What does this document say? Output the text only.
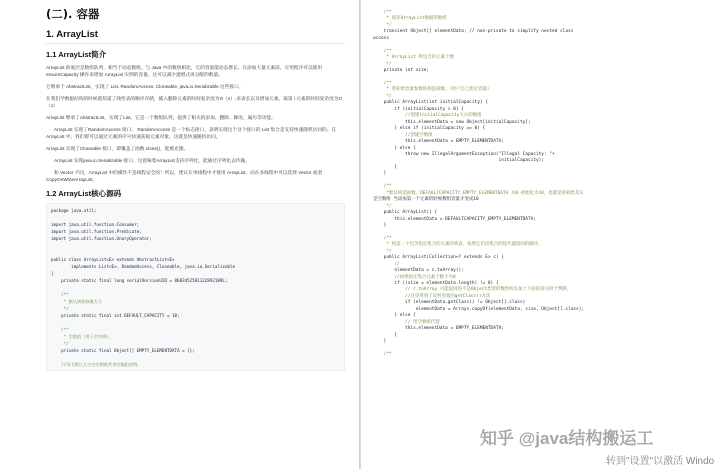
(二). 容器
1. ArrayList
1.1 ArrayList简介

ArrayList 的底层是数组队列，相当于动态数组。与 Java 中的数组相比，它的容量能动态增长。在添加大量元素前，应用程序可以使用 ensureCapacity 操作来增加 ArrayList 实例的容量。这可以减少递增式再分配的数量。

它继承于 AbstractList，实现了 List, RandomAccess, Cloneable, java.io.Serializable 这些接口。

在我们学数据结构的时候就知道了线性表的顺序存储，插入删除元素的时间复杂度为O（n）,求表长以及增加元素，取第 i 元素的时间复杂度为O（1）

ArrayList 继承了AbstractList，实现了List。它是一个数组队列，提供了相关的添加、删除、修改、遍历等功能。

ArrayList 实现了RandomAccess 接口， RandomAccess 是一个标志接口，表明实现这个这个接口的 List 集合是支持快速随机访问的。在 ArrayList 中，我们即可以通过元素的序号快速获取元素对象，这就是快速随机访问。

ArrayList 实现了Cloneable 接口，即覆盖了函数 clone()，能被克隆。

ArrayList 实现java.io.Serializable 接口，这意味着ArrayList支持序列化，能通过序列化去传输。

和 Vector 不同，ArrayList 中的操作不是线程安全的！所以，建议在单线程中才使用 ArrayList，而在多线程中可以选择 Vector 或者 CopyOnWriteArrayList。

1.2 ArrayList核心源码
package java.util;

import java.util.function.Consumer;
import java.util.function.Predicate;
import java.util.function.UnaryOperator;

public class ArrayList<E> extends AbstractList<E>
implements List<E>, RandomAccess, Cloneable, java.io.Serializable
{
private static final long serialVersionUID = 8683452581122892189L;

/**
* 默认初始容量大小
*/
private static final int DEFAULT_CAPACITY = 10;

/**
* 空数组（用于空实例）。
*/
private static final Object[] EMPTY_ELEMENTDATA = {};

//用于默认大小空实例的共享空数组实例。
/**
* 保存ArrayList数据的数组
*/
transient Object[] elementData; // non-private to simplify nested class
access

/**
* ArrayList 所包含的元素个数
*/
private int size;

/**
* 带初始容量参数的构造函数。（用户自己指定容量）
*/
public ArrayList(int initialCapacity) {
if (initialCapacity > 0) {
//创建initialCapacity大小的数组
this.elementData = new Object[initialCapacity];
} else if (initialCapacity == 0) {
//创建空数组
this.elementData = EMPTY_ELEMENTDATA;
} else {
throw new IllegalArgumentException("Illegal Capacity: "+
initialCapacity);
}
}

/**
*默认构造函数，DEFAULTCAPACITY_EMPTY_ELEMENTDATA 为0.初始化为10，也就是说初始其实
是空数组 当添加第一个元素的时候数组容量才变成10
*/
public ArrayList() {
this.elementData = DEFAULTCAPACITY_EMPTY_ELEMENTDATA;
}

/**
* 构造一个包含指定集合的元素的列表，按照它们由集合的迭代器返回的顺序。
*/
public ArrayList(Collection<? extends E> c) {
//
elementData = c.toArray();
//如果指定集合元素个数不为0
if ((size = elementData.length) != 0) {
// c.toArray 可能返回的不是Object类型的数组所以加上下面的语句用于判断，
//这里用到了反射里面的getClass()方法
if (elementData.getClass() != Object[].class)
elementData = Arrays.copyOf(elementData, size, Object[].class);
} else {
// 用空数组代替
this.elementData = EMPTY_ELEMENTDATA;
}
}

/**
知乎 @java结构搬运工
转到"设置"以激活 Windo
